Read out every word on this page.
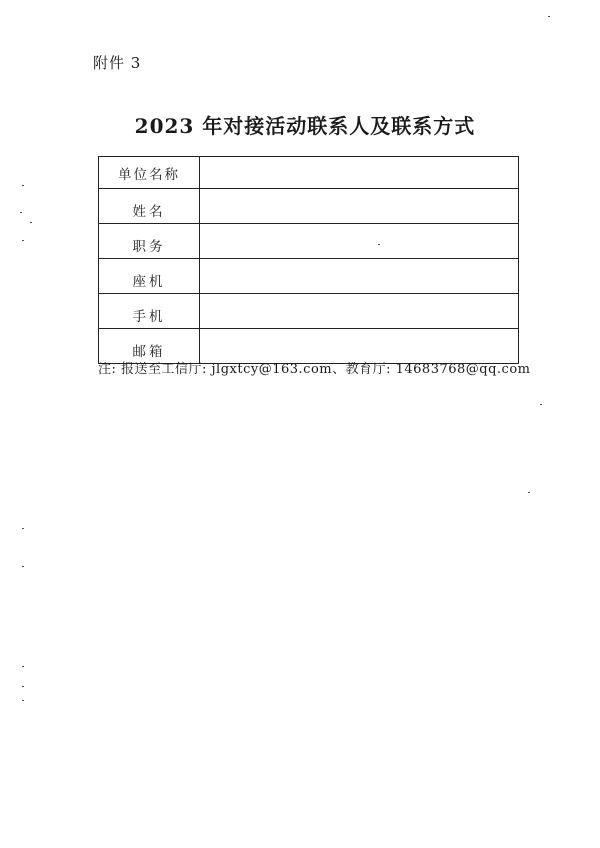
附件 3
2023 年对接活动联系人及联系方式
单位名称	
姓名	
职务	
座机	
手机	
邮箱	
注: 报送至工信厅: jlgxtcy@163.com、教育厅: 14683768@qq.com
